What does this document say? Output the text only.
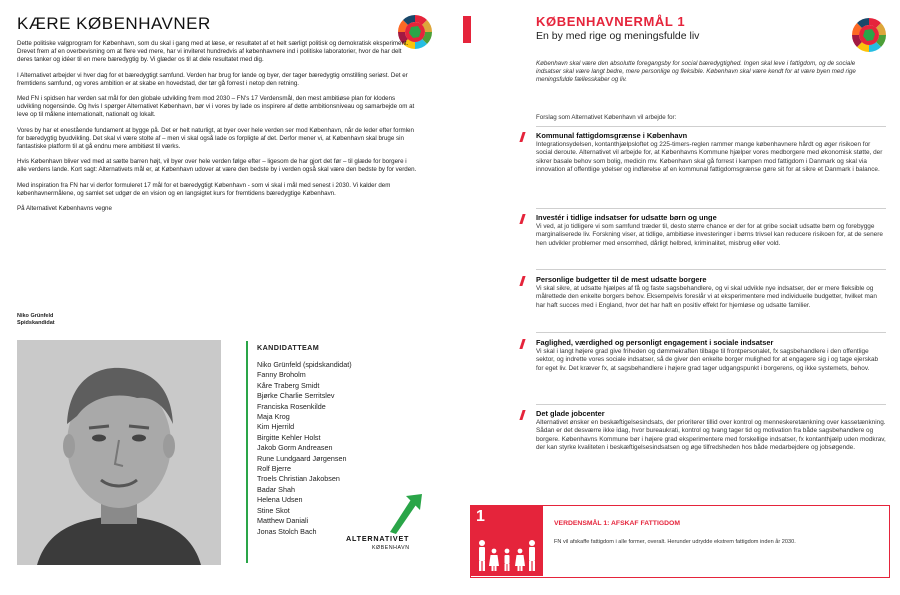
KÆRE KØBENHAVNER

Dette politiske valgprogram for København, som du skal i gang med at læse, er resultatet af et helt særligt politisk og demokratisk eksperiment. Drevet frem af en overbevisning om at flere ved mere, har vi inviteret hundredvis af københavnere ind i politiske laboratorier, hvor de har delt deres tanker og idéer til en mere bæredygtig by. Vi glæder os til at dele resultatet med dig.

I Alternativet arbejder vi hver dag for et bæredygtigt samfund. Verden har brug for lande og byer, der tager bæredygtig omstilling seriøst. Det er fremtidens samfund, og vores ambition er at skabe en hovedstad, der tør gå forrest i netop den retning.

Med FN i spidsen har verden sat mål for den globale udvikling frem mod 2030 – FN's 17 Verdensmål, den mest ambitiøse plan for klodens udvikling nogensinde. Og hvis I spørger Alternativet København, bør vi i vores by lade os inspirere af dette ambitionsniveau og samarbejde om at leve op til målene internationalt, nationalt og lokalt.

Vores by har et enestående fundament at bygge på. Det er helt naturligt, at byer over hele verden ser mod København, når de leder efter formlen for bæredygtig byudvikling. Det skal vi være stolte af – men vi skal også lade os forpligte af det. Derfor mener vi, at København skal bruge sin fantastiske platform til at gå endnu mere ambitiøst til værks.

Hvis København bliver ved med at sætte barren højt, vil byer over hele verden følge efter – ligesom de har gjort det før – til glæde for borgere i alle verdens lande. Kort sagt: Alternativets mål er, at København udover at være den bedste by i verden også skal være den bedste by for verden.

Med inspiration fra FN har vi derfor formuleret 17 mål for et bæredygtigt København - som vi skal i mål med senest i 2030. Vi kalder dem københavnermålene, og samlet set udgør de en vision og en langsigtet kurs for fremtidens bæredygtige København.

På Alternativet Københavns vegne

Niko Grünfeld
Spidskandidat
KANDIDATTEAM
Niko Grünfeld (spidskandidat)
Fanny Broholm
Kåre Traberg Smidt
Bjørke Charlie Serritslev
Franciska Rosenkilde
Maja Krog
Kim Hjerrild
Birgitte Kehler Holst
Jakob Gorm Andreasen
Rune Lundgaard Jørgensen
Rolf Bjerre
Troels Christian Jakobsen
Badar Shah
Helena Udsen
Stine Skot
Matthew Daniali
Jonas Stolch Bach
ALTERNATIVET
KØBENHAVN
KØBENHAVNERMÅL 1
En by med rige og meningsfulde liv
København skal være den absolutte foregangsby for social bæredygtighed. Ingen skal leve i fattigdom, og de sociale indsatser skal være langt bedre, mere personlige og fleksible. København skal være kendt for at være byen med rige meningsfulde fællesskaber og liv.
Forslag som Alternativet København vil arbejde for:
Kommunal fattigdomsgrænse i København
Integrationsydelsen, kontanthjælpsloftet og 225-timers-reglen rammer mange københavnere hårdt og øger risikoen for social deroute. Alternativet vil arbejde for, at Københavns Kommune hjælper vores medborgere med økonomisk støtte, der sikrer basale behov som bolig, medicin mv. København skal gå forrest i kampen mod fattigdom i Danmark og skal via innovation af offentlige ydelser og indførelse af en kommunal fattigdomsgrænse gøre sit for at sikre et Danmark i balance.
Investér i tidlige indsatser for udsatte børn og unge
Vi ved, at jo tidligere vi som samfund træder til, desto større chance er der for at gribe socialt udsatte børn og forebygge marginaliserede liv. Forskning viser, at tidlige, ambitiøse investeringer i børns trivsel kan reducere risikoen for, at de senere hen udvikler problemer med ensomhed, dårligt helbred, kriminalitet, misbrug eller vold.
Personlige budgetter til de mest udsatte borgere
Vi skal sikre, at udsatte hjælpes af få og faste sagsbehandlere, og vi skal udvikle nye indsatser, der er mere fleksible og målrettede den enkelte borgers behov. Eksempelvis foreslår vi at eksperimentere med individuelle budgetter, hvilket man har haft succes med i England, hvor det har haft en positiv effekt for hjemløse og udsatte familier.
Faglighed, værdighed og personligt engagement i sociale indsatser
Vi skal i langt højere grad give friheden og dømmekraften tilbage til frontpersonalet, fx sagsbehandlere i den offentlige sektor, og indrette vores sociale indsatser, så de giver den enkelte borger mulighed for at engagere sig i og tage ejerskab for eget liv. Det kræver fx, at sagsbehandlere i højere grad tager udgangspunkt i borgerens, og ikke systemets, behov.
Det glade jobcenter
Alternativet ønsker en beskæftigelsesindsats, der prioriterer tillid over kontrol og menneskeretænkning over kassetænkning. Sådan er det desværre ikke idag, hvor bureaukrati, kontrol og tvang tager tid og motivation fra både sagsbehandlere og borgere. Københavns Kommune bør i højere grad eksperimentere med forskellige indsatser, fx kontanthjælp uden modkrav, der kan styrke kvaliteten i beskæftigelsesindsatsen og øge tilfredsheden hos både medarbejdere og jobsøgende.
1	VERDENSMÅL 1: AFSKAF FATTIGDOM
FN vil afskaffe fattigdom i alle former, overalt. Herunder udrydde ekstrem fattigdom inden år 2030.
